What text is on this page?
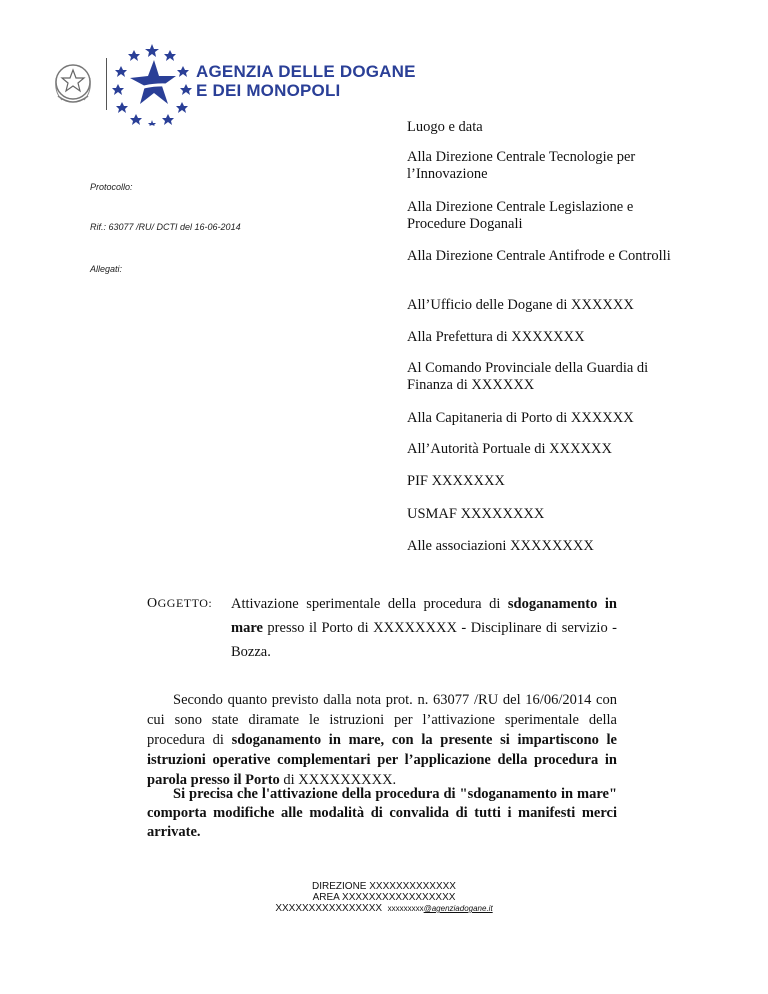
AGENZIA DELLE DOGANE
E DEI MONOPOLI
Protocollo:
Rif.: 63077 /RU/ DCTI del 16-06-2014
Allegati:
Luogo e data
Alla Direzione Centrale Tecnologie per l’Innovazione
Alla Direzione Centrale Legislazione e Procedure Doganali
Alla Direzione Centrale Antifrode e Controlli
All’Ufficio delle Dogane di XXXXXX
Alla Prefettura di XXXXXXX
Al Comando Provinciale della Guardia di Finanza di XXXXXX
Alla Capitaneria di Porto di XXXXXX
All’Autorità Portuale di XXXXXX
PIF XXXXXXX
USMAF XXXXXXXX
Alle associazioni XXXXXXXX
OGGETTO: Attivazione sperimentale della procedura di sdoganamento in mare presso il Porto di XXXXXXXX - Disciplinare di servizio - Bozza.
Secondo quanto previsto dalla nota prot. n. 63077 /RU del 16/06/2014 con cui sono state diramate le istruzioni per l’attivazione sperimentale della procedura di sdoganamento in mare, con la presente si impartiscono le istruzioni operative complementari per l’applicazione della procedura in parola presso il Porto di XXXXXXXXX.
Si precisa che l'attivazione della procedura di "sdoganamento in mare" comporta modifiche alle modalità di convalida di tutti i manifesti merci arrivate.
DIREZIONE XXXXXXXXXXXXX
AREA XXXXXXXXXXXXXXXXX
XXXXXXXXXXXXXXXX xxxxxxxxx@agenziadogane.it
